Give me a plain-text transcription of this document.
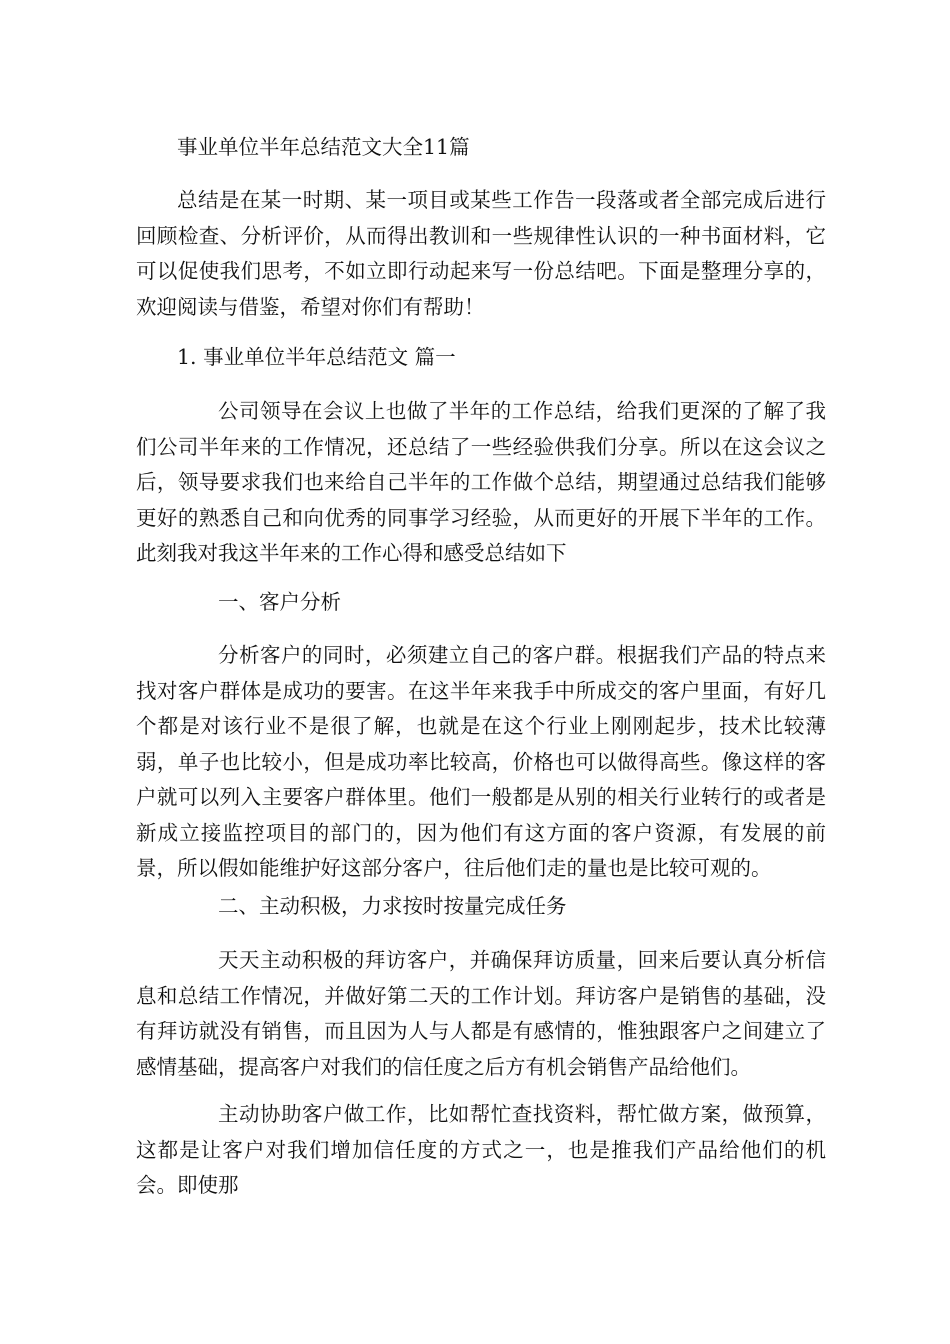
事业单位半年总结范文大全11篇

总结是在某一时期、某一项目或某些工作告一段落或者全部完成后进行回顾检查、分析评价，从而得出教训和一些规律性认识的一种书面材料，它可以促使我们思考，不如立即行动起来写一份总结吧。下面是整理分享的，欢迎阅读与借鉴，希望对你们有帮助！

1. 事业单位半年总结范文 篇一

公司领导在会议上也做了半年的工作总结，给我们更深的了解了我们公司半年来的工作情况，还总结了一些经验供我们分享。所以在这会议之后，领导要求我们也来给自己半年的工作做个总结，期望通过总结我们能够更好的熟悉自己和向优秀的同事学习经验，从而更好的开展下半年的工作。此刻我对我这半年来的工作心得和感受总结如下

一、客户分析

分析客户的同时，必须建立自己的客户群。根据我们产品的特点来找对客户群体是成功的要害。在这半年来我手中所成交的客户里面，有好几个都是对该行业不是很了解，也就是在这个行业上刚刚起步，技术比较薄弱，单子也比较小，但是成功率比较高，价格也可以做得高些。像这样的客户就可以列入主要客户群体里。他们一般都是从别的相关行业转行的或者是新成立接监控项目的部门的，因为他们有这方面的客户资源，有发展的前景，所以假如能维护好这部分客户，往后他们走的量也是比较可观的。

二、主动积极，力求按时按量完成任务

天天主动积极的拜访客户，并确保拜访质量，回来后要认真分析信息和总结工作情况，并做好第二天的工作计划。拜访客户是销售的基础，没有拜访就没有销售，而且因为人与人都是有感情的，惟独跟客户之间建立了感情基础，提高客户对我们的信任度之后方有机会销售产品给他们。

主动协助客户做工作，比如帮忙查找资料，帮忙做方案，做预算，这都是让客户对我们增加信任度的方式之一，也是推我们产品给他们的机会。即使那
